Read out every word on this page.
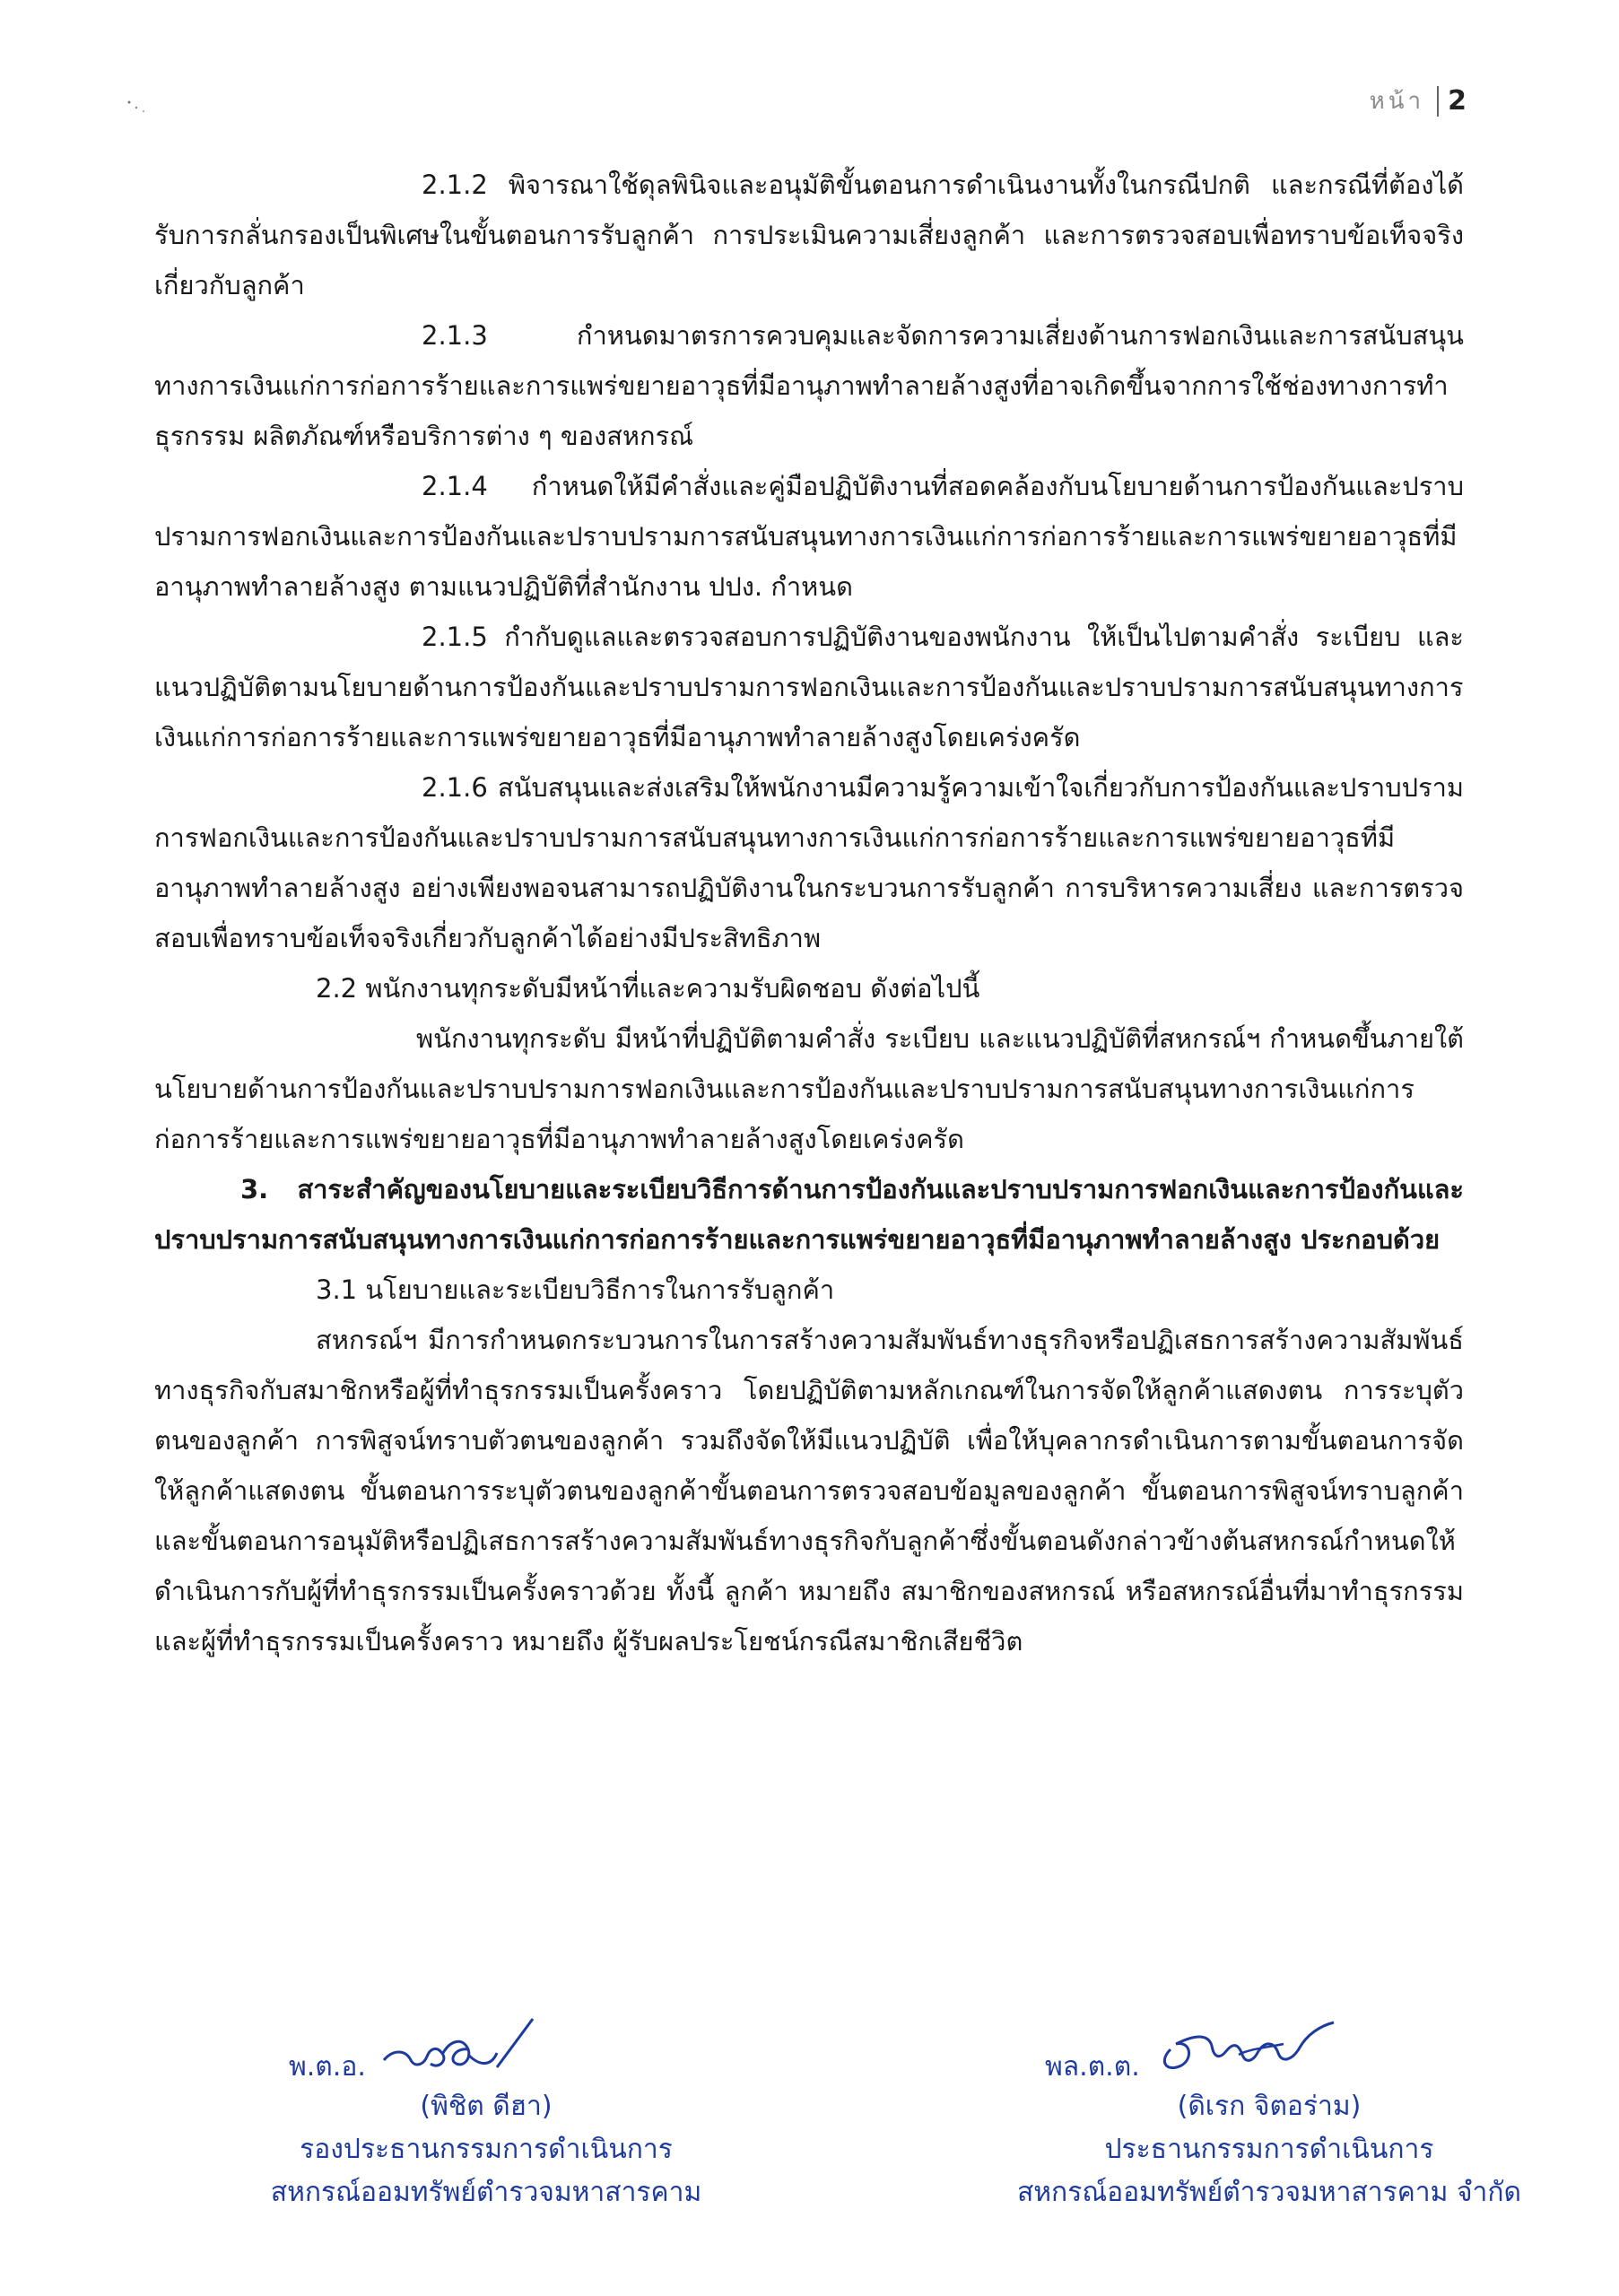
หน้า 2

2.1.2 พิจารณาใช้ดุลพินิจและอนุมัติขั้นตอนการดำเนินงานทั้งในกรณีปกติ และกรณีที่ต้องได้รับการกลั่นกรองเป็นพิเศษในขั้นตอนการรับลูกค้า การประเมินความเสี่ยงลูกค้า และการตรวจสอบเพื่อทราบข้อเท็จจริงเกี่ยวกับลูกค้า

2.1.3 กำหนดมาตรการควบคุมและจัดการความเสี่ยงด้านการฟอกเงินและการสนับสนุนทางการเงินแก่การก่อการร้ายและการแพร่ขยายอาวุธที่มีอานุภาพทำลายล้างสูงที่อาจเกิดขึ้นจากการใช้ช่องทางการทำธุรกรรม ผลิตภัณฑ์หรือบริการต่าง ๆ ของสหกรณ์

2.1.4 กำหนดให้มีคำสั่งและคู่มือปฏิบัติงานที่สอดคล้องกับนโยบายด้านการป้องกันและปราบปรามการฟอกเงินและการป้องกันและปราบปรามการสนับสนุนทางการเงินแก่การก่อการร้ายและการแพร่ขยายอาวุธที่มีอานุภาพทำลายล้างสูง ตามแนวปฏิบัติที่สำนักงาน ปปง. กำหนด

2.1.5 กำกับดูแลและตรวจสอบการปฏิบัติงานของพนักงาน ให้เป็นไปตามคำสั่ง ระเบียบ และแนวปฏิบัติตามนโยบายด้านการป้องกันและปราบปรามการฟอกเงินและการป้องกันและปราบปรามการสนับสนุนทางการเงินแก่การก่อการร้ายและการแพร่ขยายอาวุธที่มีอานุภาพทำลายล้างสูงโดยเคร่งครัด

2.1.6 สนับสนุนและส่งเสริมให้พนักงานมีความรู้ความเข้าใจเกี่ยวกับการป้องกันและปราบปรามการฟอกเงินและการป้องกันและปราบปรามการสนับสนุนทางการเงินแก่การก่อการร้ายและการแพร่ขยายอาวุธที่มีอานุภาพทำลายล้างสูง อย่างเพียงพอจนสามารถปฏิบัติงานในกระบวนการรับลูกค้า การบริหารความเสี่ยง และการตรวจสอบเพื่อทราบข้อเท็จจริงเกี่ยวกับลูกค้าได้อย่างมีประสิทธิภาพ

2.2 พนักงานทุกระดับมีหน้าที่และความรับผิดชอบ ดังต่อไปนี้

พนักงานทุกระดับ มีหน้าที่ปฏิบัติตามคำสั่ง ระเบียบ และแนวปฏิบัติที่สหกรณ์ฯ กำหนดขึ้นภายใต้นโยบายด้านการป้องกันและปราบปรามการฟอกเงินและการป้องกันและปราบปรามการสนับสนุนทางการเงินแก่การก่อการร้ายและการแพร่ขยายอาวุธที่มีอานุภาพทำลายล้างสูงโดยเคร่งครัด

3. สาระสำคัญของนโยบายและระเบียบวิธีการด้านการป้องกันและปราบปรามการฟอกเงินและการป้องกันและปราบปรามการสนับสนุนทางการเงินแก่การก่อการร้ายและการแพร่ขยายอาวุธที่มีอานุภาพทำลายล้างสูง ประกอบด้วย

3.1 นโยบายและระเบียบวิธีการในการรับลูกค้า

สหกรณ์ฯ มีการกำหนดกระบวนการในการสร้างความสัมพันธ์ทางธุรกิจหรือปฏิเสธการสร้างความสัมพันธ์ทางธุรกิจกับสมาชิกหรือผู้ที่ทำธุรกรรมเป็นครั้งคราว โดยปฏิบัติตามหลักเกณฑ์ในการจัดให้ลูกค้าแสดงตน การระบุตัวตนของลูกค้า การพิสูจน์ทราบตัวตนของลูกค้า รวมถึงจัดให้มีแนวปฏิบัติ เพื่อให้บุคลากรดำเนินการตามขั้นตอนการจัดให้ลูกค้าแสดงตน ขั้นตอนการระบุตัวตนของลูกค้าขั้นตอนการตรวจสอบข้อมูลของลูกค้า ขั้นตอนการพิสูจน์ทราบลูกค้า และขั้นตอนการอนุมัติหรือปฏิเสธการสร้างความสัมพันธ์ทางธุรกิจกับลูกค้าซึ่งขั้นตอนดังกล่าวข้างต้นสหกรณ์กำหนดให้ดำเนินการกับผู้ที่ทำธุรกรรมเป็นครั้งคราวด้วย ทั้งนี้ ลูกค้า หมายถึง สมาชิกของสหกรณ์ หรือสหกรณ์อื่นที่มาทำธุรกรรม และผู้ที่ทำธุรกรรมเป็นครั้งคราว หมายถึง ผู้รับผลประโยชน์กรณีสมาชิกเสียชีวิต

พ.ต.อ.
(พิชิต ดีฮา)
รองประธานกรรมการดำเนินการ
สหกรณ์ออมทรัพย์ตำรวจมหาสารคาม
พล.ต.ต.
(ดิเรก จิตอร่าม)
ประธานกรรมการดำเนินการ
สหกรณ์ออมทรัพย์ตำรวจมหาสารคาม จำกัด
